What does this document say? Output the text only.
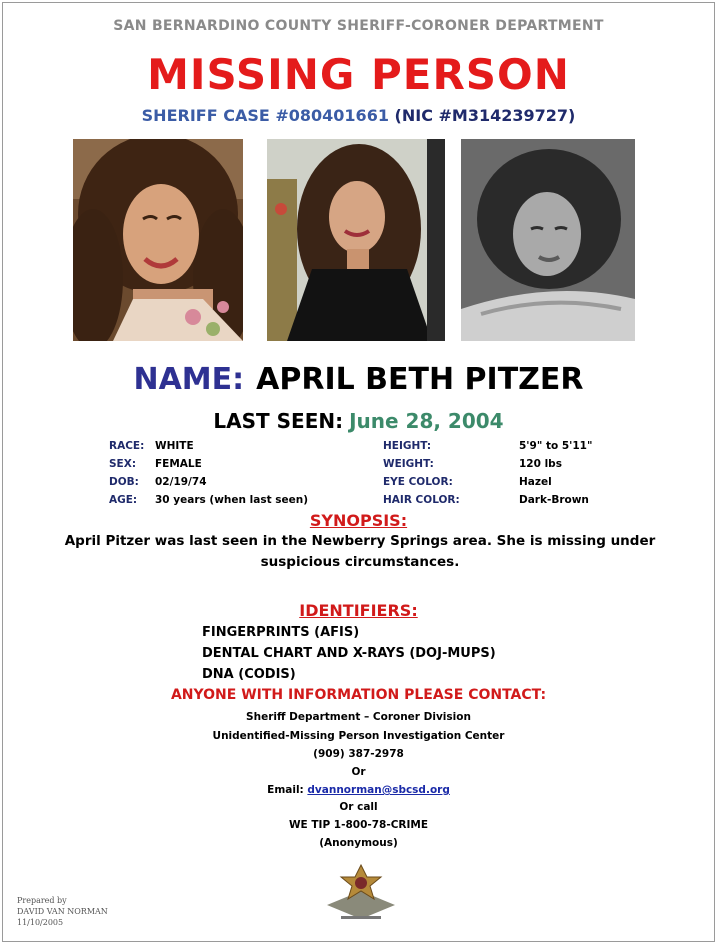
SAN BERNARDINO COUNTY SHERIFF-CORONER DEPARTMENT
MISSING PERSON
SHERIFF CASE #080401661 (NIC #M314239727)
NAME: APRIL BETH PITZER
LAST SEEN: June 28, 2004
RACE: WHITE
SEX: FEMALE
DOB: 02/19/74
AGE: 30 years (when last seen)
HEIGHT:	5'9" to 5'11"
WEIGHT:	120 lbs
EYE COLOR:	Hazel
HAIR COLOR:	Dark-Brown
SYNOPSIS:
April Pitzer was last seen in the Newberry Springs area. She is missing under
suspicious circumstances.
IDENTIFIERS:
FINGERPRINTS (AFIS)
DENTAL CHART AND X-RAYS (DOJ-MUPS)
DNA (CODIS)
ANYONE WITH INFORMATION PLEASE CONTACT:
Sheriff Department – Coroner Division
Unidentified-Missing Person Investigation Center
(909) 387-2978
Or
Email: dvannorman@sbcsd.org
Or call
WE TIP 1-800-78-CRIME
(Anonymous)
Prepared by
DAVID VAN NORMAN
11/10/2005
